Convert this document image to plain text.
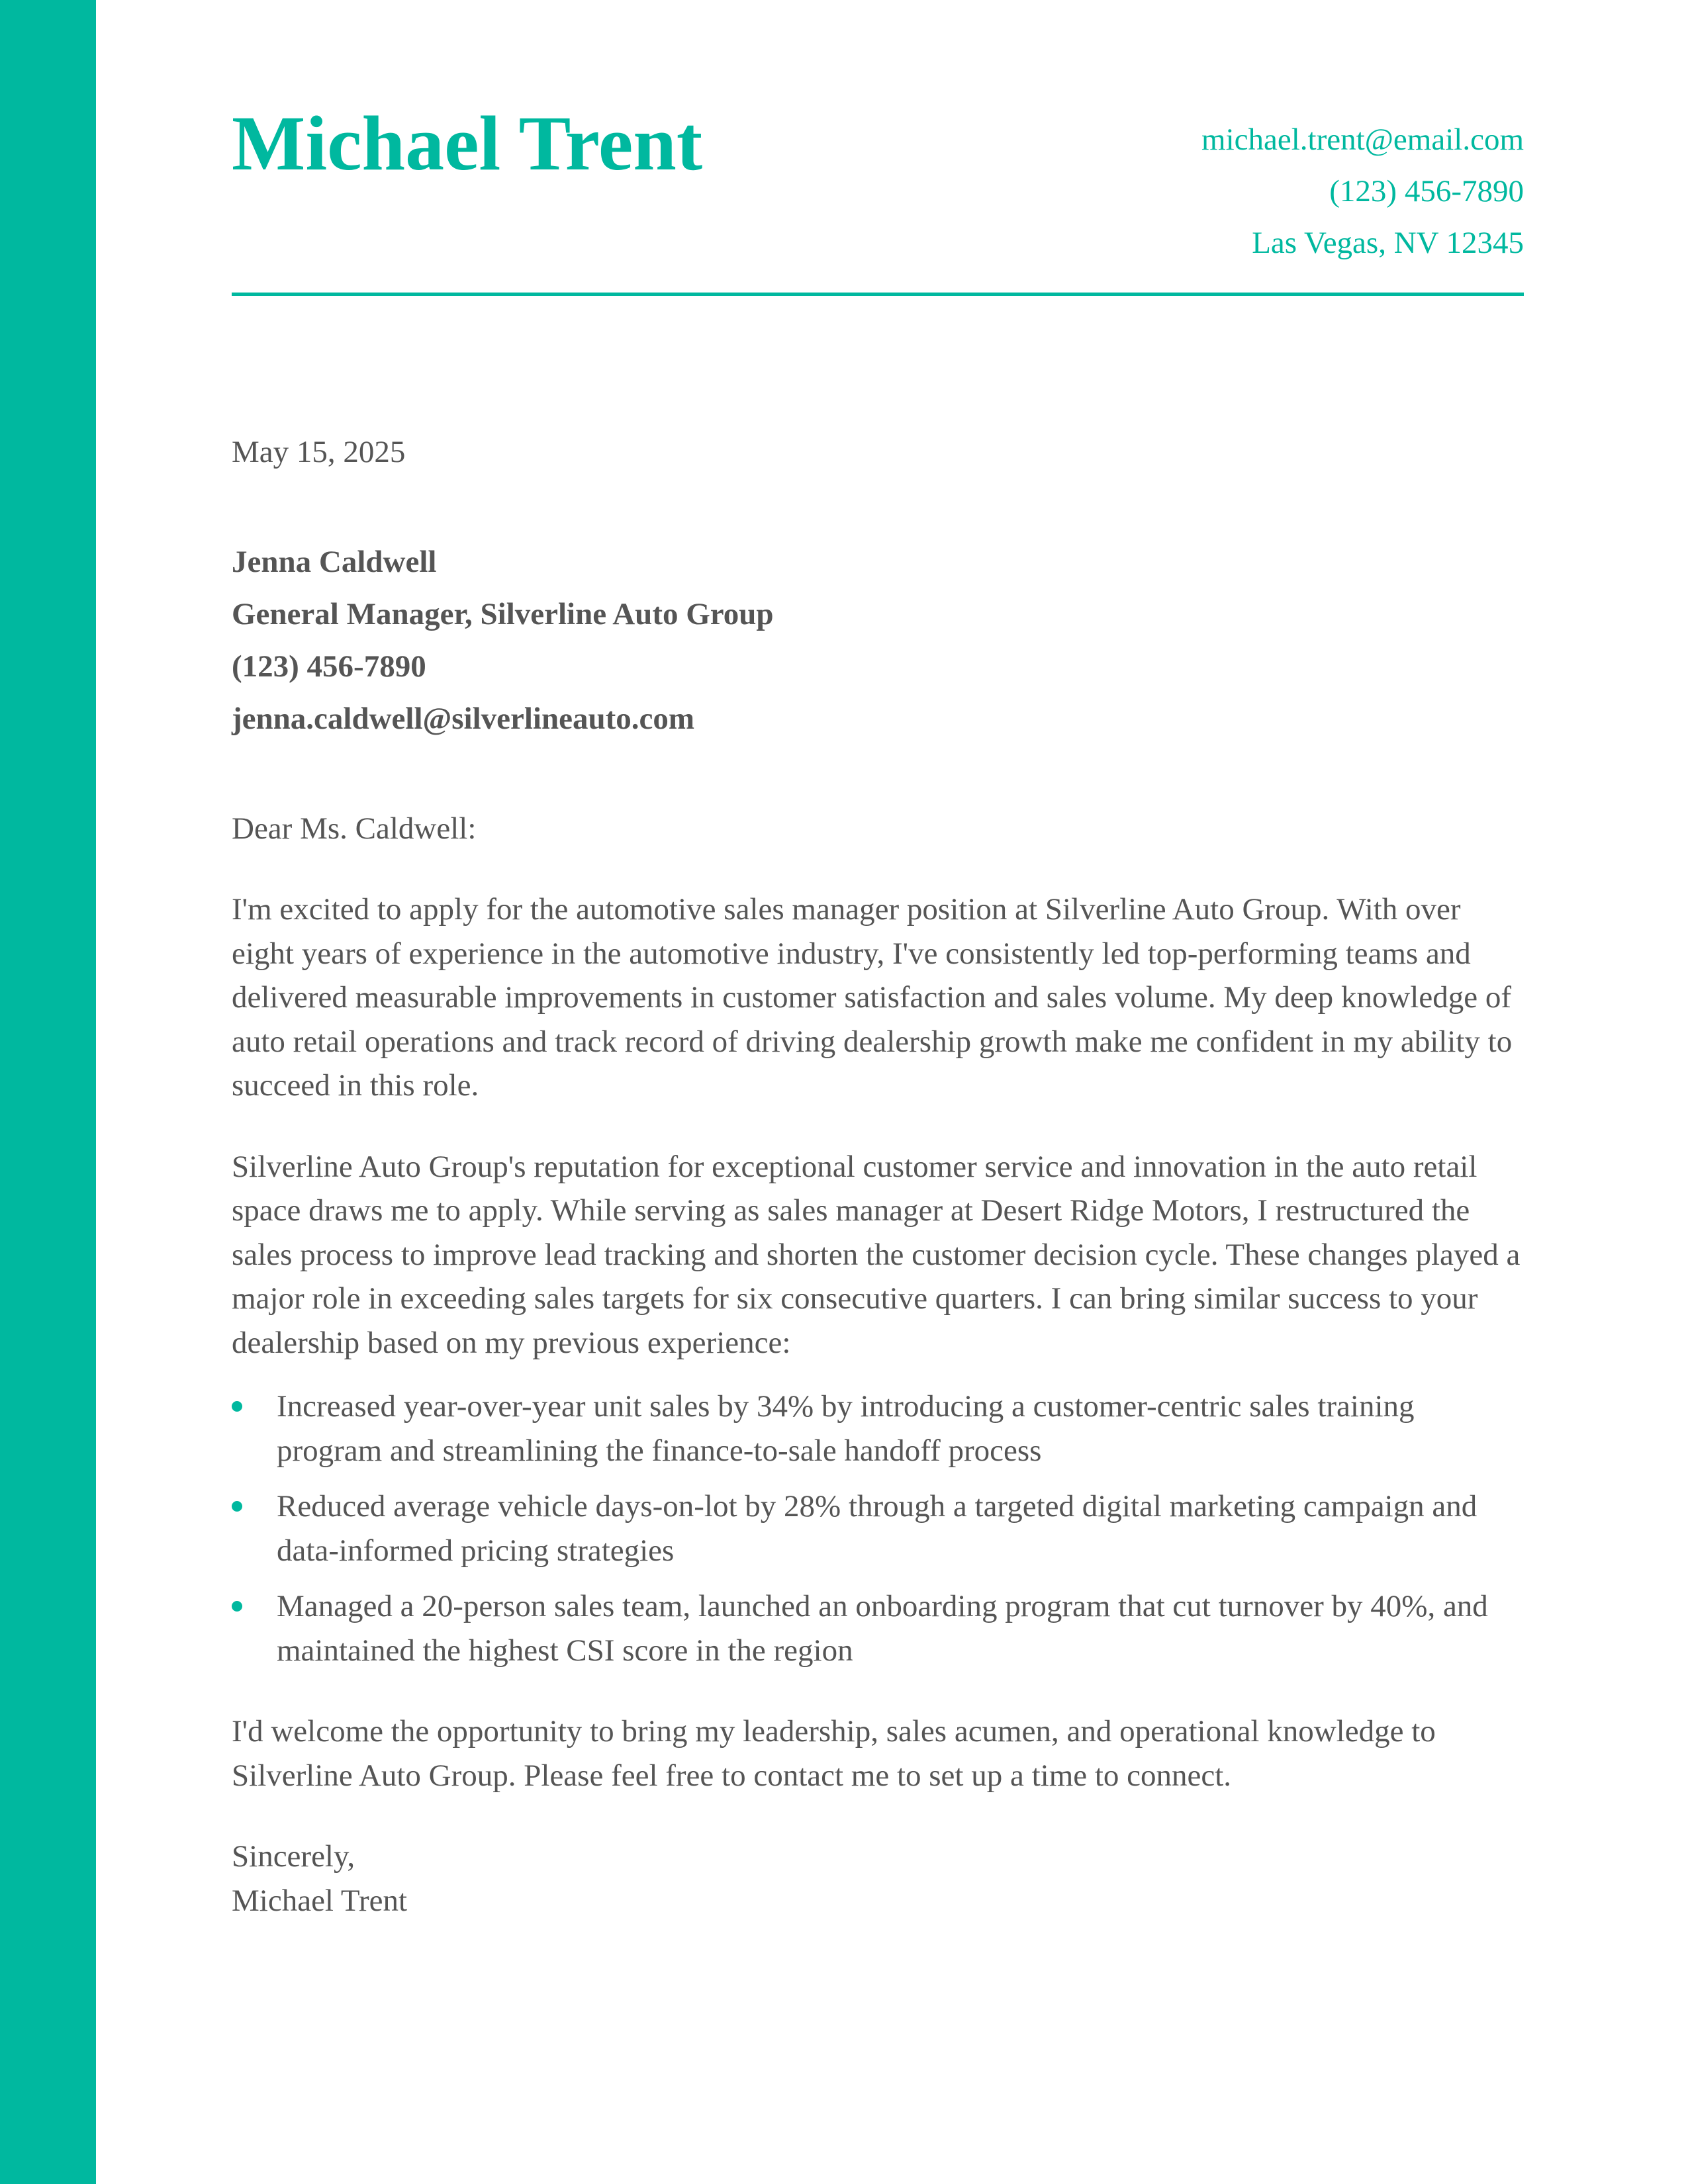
Michael Trent	michael.trent@email.com
(123) 456-7890
Las Vegas, NV 12345
May 15, 2025
Jenna Caldwell
General Manager, Silverline Auto Group
(123) 456-7890
jenna.caldwell@silverlineauto.com
Dear Ms. Caldwell:

I'm excited to apply for the automotive sales manager position at Silverline Auto Group. With over eight years of experience in the automotive industry, I've consistently led top-performing teams and delivered measurable improvements in customer satisfaction and sales volume. My deep knowledge of auto retail operations and track record of driving dealership growth make me confident in my ability to succeed in this role.

Silverline Auto Group's reputation for exceptional customer service and innovation in the auto retail space draws me to apply. While serving as sales manager at Desert Ridge Motors, I restructured the sales process to improve lead tracking and shorten the customer decision cycle. These changes played a major role in exceeding sales targets for six consecutive quarters. I can bring similar success to your dealership based on my previous experience:

Increased year-over-year unit sales by 34% by introducing a customer-centric sales training program and streamlining the finance-to-sale handoff process
Reduced average vehicle days-on-lot by 28% through a targeted digital marketing campaign and data-informed pricing strategies
Managed a 20-person sales team, launched an onboarding program that cut turnover by 40%, and maintained the highest CSI score in the region

I'd welcome the opportunity to bring my leadership, sales acumen, and operational knowledge to Silverline Auto Group. Please feel free to contact me to set up a time to connect.

Sincerely,
Michael Trent
